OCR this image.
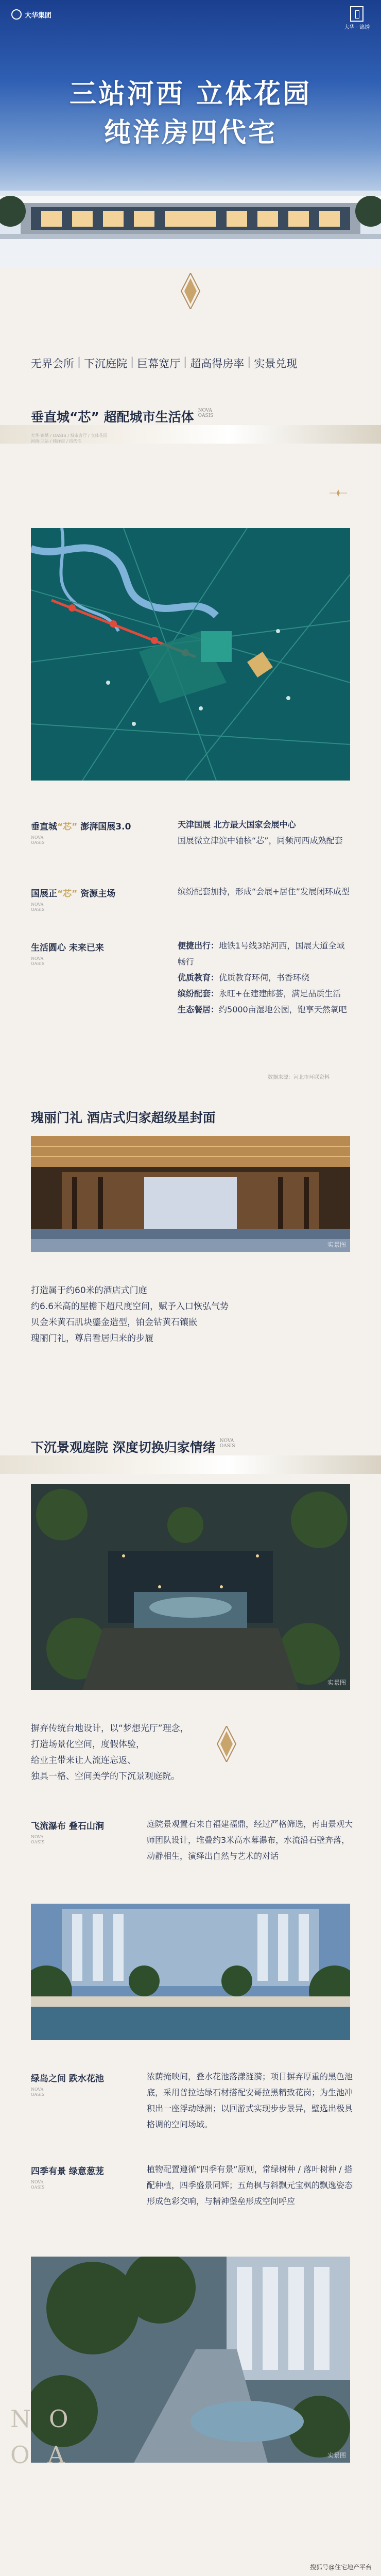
大华集团
大华 · 锦绣
三站河西 立体花园
纯洋房四代宅
无界会所 | 下沉庭院 | 巨幕宽厅 | 超高得房率 | 实景兑现
垂直城“芯” 超配城市生活体 NOVA
OASIS
大华·锦绣 / OASIS / 城市客厅 / 立体花园
河西·三站 / 纯洋房 / 四代宅
垂直城“芯” 澎湃国展3.0
NOVA
OASIS
天津国展 北方最大国家会展中心
国展微立津滨中轴核“芯”，同频河西成熟配套
国展正“芯” 资源主场
NOVA
OASIS
缤纷配套加持，形成“会展+居住”发展闭环成型
生活圆心 未来已来
NOVA
OASIS
便捷出行：地铁1号线3站河西，国展大道全域畅行
优质教育：优质教育环伺，书香环绕
缤纷配套：永旺+在建建邮荟，满足品质生活
生态餐居：约5000亩湿地公园，饱享天然氧吧
数据来源：河北市环联资料
瑰丽门礼 酒店式归家超级星封面
实景图
打造属于约60米的酒店式门庭
约6.6米高的屋檐下超尺度空间，赋予入口恢弘气势
贝金米黄石肌块鎏金造型，铂金钻黄石镶嵌
瑰丽门礼，尊启看居归来的步履
下沉景观庭院 深度切换归家情绪 NOVA
OASIS
实景图
摒弃传统台地设计，以“梦想光厅”理念，
打造场景化空间，度假体验，
给业主带来让人流连忘返、
独具一格、空间美学的下沉景观庭院。
飞流瀑布 叠石山涧
NOVA
OASIS
庭院景观置石来自福建福鼎，经过严格筛选，再由景观大师团队设计，堆叠约3米高水幕瀑布，水流沿石壁奔落，动静相生，演绎出自然与艺术的对话
绿岛之间 跌水花池
NOVA
OASIS
浓荫掩映间，叠水花池落漾涟漪；项目摒弃厚重的黑色池底，采用普拉达绿石材搭配安哥拉黑精致花岗；为生池冲积出一座浮动绿洲；以回游式实现步步景异，壁选出极具格调的空间场域。
四季有景 绿意葱茏
NOVA
OASIS
植物配置遵循“四季有景”原则，常绿树种 / 落叶树种 / 搭配种植，四季盛景同辉；五角枫与斜飘元宝枫的飘逸姿态形成色彩交响，与精神堡垒形成空间呼应
实景图
N O
O A
搜狐号@住宅地产平台
